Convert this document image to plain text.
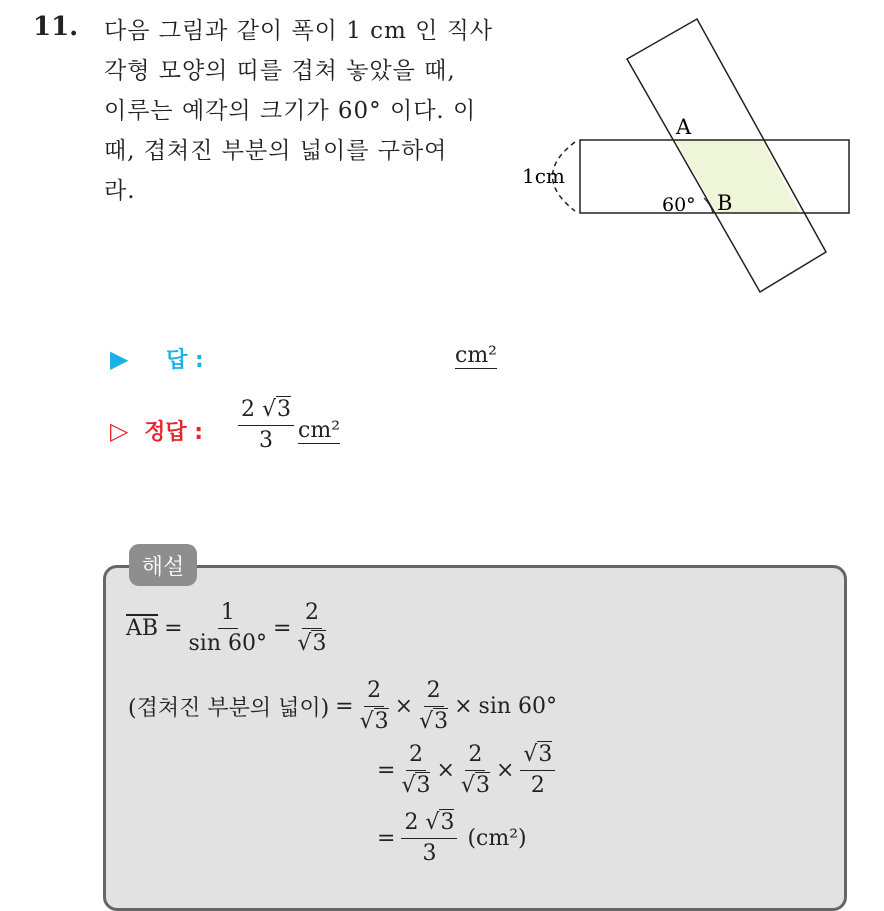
11. 다음 그림과 같이 폭이 1 cm 인 직사
각형 모양의 띠를 겹쳐 놓았을 때,
이루는 예각의 크기가 60° 이다. 이
때, 겹쳐진 부분의 넓이를 구하여
라.
A
B
60°
1cm
▶ 답 :	cm²
▷ 정답 : $\frac{2 √3}{3} cm^2$
해설
$\overline{AB} = \frac{1}{\sin 60^\circ} = \frac{2}{√3}$
(겹쳐진 부분의 넓이) = $\frac{2}{√3} \times \frac{2}{√3} \times \sin 60^\circ$
= $\frac{2}{√3} \times \frac{2}{√3} \times \frac{√3}{2}$
= $\frac{2 √3}{3} (cm^2)$
